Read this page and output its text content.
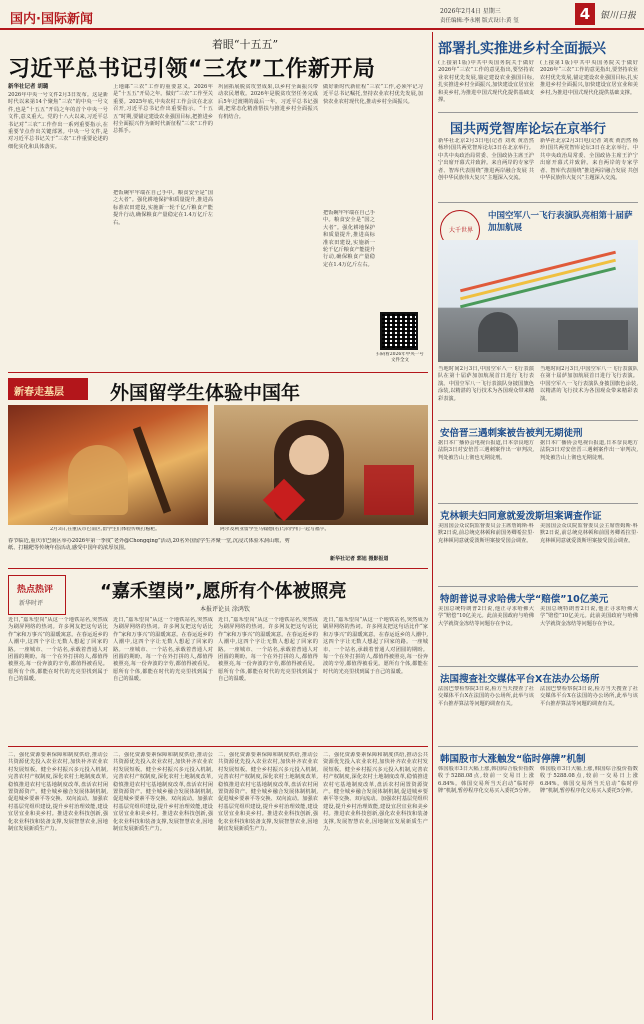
国内·国际新闻
2026年2月4日 星期三
责任编辑:李永刚 版式设计:黄 玺	4	银川日报
着眼“十五五”
习近平总书记引领“三农”工作新开局
新华社记者 胡璐
2026年中央一号文件2月3日发布。这是新时代以来第14个聚焦“三农”的中央一号文件,也是“十五五”开局之年的首个中央一号文件,意义重大。党的十八大以来,习近平总书记对“三农”工作作出一系列重要指示,在重要节点作出关键部署。中央一号文件,是对习近平总书记关于“三农”工作重要论述的细化实化和具体落实。
上地邮“三农”工作的重要意义。2026年是“十五五”开局之年。做好“三农”工作至关重要。2025年底,中央农村工作会议在北京召开,习近平总书记作出重要指示。“十五五”时期,要锚定建设农业强国目标,把推进乡村全面振兴作为新时代新征程“三农”工作的总抓手。
把饭碗牢牢端在自己手中。粮食安全是“国之大者”。强化耕地保护和质量提升,推进高标准农田建设,实施新一轮千亿斤粮食产能提升行动,确保粮食产量稳定在1.4万亿斤左右。
巩固拓展脱贫攻坚成果,以乡村全面振兴带动农民增收。2026年是脱贫攻坚任务完成后5年过渡期的最后一年。习近平总书记强调,把常态化精准帮扶与推进乡村全面振兴有机结合。
做好新时代新征程“三农”工作,必须牢记习近平总书记嘱托,坚持农业农村优先发展,加快农业农村现代化,推动乡村全面振兴。
把饭碗牢牢端在自己手中。粮食安全是“国之大者”。强化耕地保护和质量提升,推进高标准农田建设,实施新一轮千亿斤粮食产能提升行动,确保粮食产量稳定在1.4万亿斤左右。
扫码看2026年中央一号文件全文
新春走基层 外国留学生体验中国年
2月3日,在重庆市巴南区,留学生们体验传统打糍粑。	阿尔及利亚留学生马翰德(右)与同学们一起写福字。
春节临近,重庆市巴南区举办2026年第一季度“老外@Chongqing”活动,20名外国留学生齐聚一堂,沉浸式体验木洞山歌、剪纸、打糍粑等传统年俗活动,感受中国年的浓厚氛围。
新华社记者 郭旭 摄影报道
热点热评
新华时评
“嘉禾望岗”,愿所有个体被照亮
本报评论员 涂鸿钦
近日,“嘉禾望岗”从这一个地铁站名,突然成为刷屏网络的热词。许多网友把这句话比作“家和万事兴”的温暖寓意。在春运返乡的人潮中,这四个字让无数人想起了回家的路。一座城市、一个站名,承载着普通人对团圆的期盼。每一个在外打拼的人,都值得被照亮,每一份奔波的辛劳,都值得被看见。愿所有个体,都能在时代的光亮里找到属于自己的温暖。
近日,“嘉禾望岗”从这一个地铁站名,突然成为刷屏网络的热词。许多网友把这句话比作“家和万事兴”的温暖寓意。在春运返乡的人潮中,这四个字让无数人想起了回家的路。一座城市、一个站名,承载着普通人对团圆的期盼。每一个在外打拼的人,都值得被照亮,每一份奔波的辛劳,都值得被看见。愿所有个体,都能在时代的光亮里找到属于自己的温暖。
近日,“嘉禾望岗”从这一个地铁站名,突然成为刷屏网络的热词。许多网友把这句话比作“家和万事兴”的温暖寓意。在春运返乡的人潮中,这四个字让无数人想起了回家的路。一座城市、一个站名,承载着普通人对团圆的期盼。每一个在外打拼的人,都值得被照亮,每一份奔波的辛劳,都值得被看见。愿所有个体,都能在时代的光亮里找到属于自己的温暖。
近日,“嘉禾望岗”从这一个地铁站名,突然成为刷屏网络的热词。许多网友把这句话比作“家和万事兴”的温暖寓意。在春运返乡的人潮中,这四个字让无数人想起了回家的路。一座城市、一个站名,承载着普通人对团圆的期盼。每一个在外打拼的人,都值得被照亮,每一份奔波的辛劳,都值得被看见。愿所有个体,都能在时代的光亮里找到属于自己的温暖。
二、强化资源要素保障和制度供给,推动公共资源优先投入农业农村,加快补齐农业农村发展短板。健全乡村振兴多元投入机制,完善农村产权制度,深化农村土地制度改革,稳慎推进农村宅基地制度改革,盘活农村闲置资源资产。健全城乡融合发展体制机制,促进城乡要素平等交换、双向流动。加强农村基层党组织建设,提升乡村治理效能,建设宜居宜业和美乡村。推进农业科技创新,强化农业科技和装备支撑,发展智慧农业,因地制宜发展新质生产力。
二、强化资源要素保障和制度供给,推动公共资源优先投入农业农村,加快补齐农业农村发展短板。健全乡村振兴多元投入机制,完善农村产权制度,深化农村土地制度改革,稳慎推进农村宅基地制度改革,盘活农村闲置资源资产。健全城乡融合发展体制机制,促进城乡要素平等交换、双向流动。加强农村基层党组织建设,提升乡村治理效能,建设宜居宜业和美乡村。推进农业科技创新,强化农业科技和装备支撑,发展智慧农业,因地制宜发展新质生产力。
二、强化资源要素保障和制度供给,推动公共资源优先投入农业农村,加快补齐农业农村发展短板。健全乡村振兴多元投入机制,完善农村产权制度,深化农村土地制度改革,稳慎推进农村宅基地制度改革,盘活农村闲置资源资产。健全城乡融合发展体制机制,促进城乡要素平等交换、双向流动。加强农村基层党组织建设,提升乡村治理效能,建设宜居宜业和美乡村。推进农业科技创新,强化农业科技和装备支撑,发展智慧农业,因地制宜发展新质生产力。
二、强化资源要素保障和制度供给,推动公共资源优先投入农业农村,加快补齐农业农村发展短板。健全乡村振兴多元投入机制,完善农村产权制度,深化农村土地制度改革,稳慎推进农村宅基地制度改革,盘活农村闲置资源资产。健全城乡融合发展体制机制,促进城乡要素平等交换、双向流动。加强农村基层党组织建设,提升乡村治理效能,建设宜居宜业和美乡村。推进农业科技创新,强化农业科技和装备支撑,发展智慧农业,因地制宜发展新质生产力。
部署扎实推进乡村全面振兴
(上接第1版)中共中央国务院关于做好2026年“三农”工作的意见指出,要坚持农业农村优先发展,锚定建设农业强国目标,扎实推进乡村全面振兴,加快建设宜居宜业和美乡村,为推进中国式现代化提供基础支撑。
(上接第1版)中共中央国务院关于做好2026年“三农”工作的意见指出,要坚持农业农村优先发展,锚定建设农业强国目标,扎实推进乡村全面振兴,加快建设宜居宜业和美乡村,为推进中国式现代化提供基础支撑。
国共两党智库论坛在京举行
新华社北京2月3日电(记者 刘欢 黄浩然 杨珍)国共两党智库论坛3日在北京举行。中共中央政治局常委、全国政协主席王沪宁出席开幕式并致辞。来自两岸的专家学者、智库代表围绕“推进两岸融合发展 共创中华民族伟大复兴”主题深入交流。
新华社北京2月3日电(记者 刘欢 黄浩然 杨珍)国共两党智库论坛3日在北京举行。中共中央政治局常委、全国政协主席王沪宁出席开幕式并致辞。来自两岸的专家学者、智库代表围绕“推进两岸融合发展 共创中华民族伟大复兴”主题深入交流。
大千世界
中国空军八一飞行表演队亮相第十届萨加加航展
当地时间2月3日,中国空军八一飞行表演队在第十届萨加加航展首日进行飞行表演。中国空军八一飞行表演队身披国旗色涂装,以精湛的飞行技术为各国观众带来精彩表演。
当地时间2月3日,中国空军八一飞行表演队在第十届萨加加航展首日进行飞行表演。中国空军八一飞行表演队身披国旗色涂装,以精湛的飞行技术为各国观众带来精彩表演。
安倍晋三遇刺案被告被判无期徒刑
据日本广播协会电视台报道,日本奈良地方法院3日对安倍晋三遇刺案作出一审判决,判处被告山上彻也无期徒刑。
据日本广播协会电视台报道,日本奈良地方法院3日对安倍晋三遇刺案作出一审判决,判处被告山上彻也无期徒刑。
克林顿夫妇同意就爱泼斯坦案调查作证
美国国会众议院监督委员会主席詹姆斯·科默2日说,前总统克林顿和前国务卿希拉里·克林顿同意就爱泼斯坦案接受国会调查。
美国国会众议院监督委员会主席詹姆斯·科默2日说,前总统克林顿和前国务卿希拉里·克林顿同意就爱泼斯坦案接受国会调查。
特朗普说寻求哈佛大学“赔偿”10亿美元
美国总统特朗普2日说,他正寻求哈佛大学“赔偿”10亿美元。此前美国政府与哈佛大学就资金冻结等问题存在争议。
美国总统特朗普2日说,他正寻求哈佛大学“赔偿”10亿美元。此前美国政府与哈佛大学就资金冻结等问题存在争议。
法国搜查社交媒体平台X在法办公场所
法国巴黎检察院3日说,检方当天搜查了社交媒体平台X在法国的办公场所,此举与该平台推荐算法等问题的调查有关。
法国巴黎检察院3日说,检方当天搜查了社交媒体平台X在法国的办公场所,此举与该平台推荐算法等问题的调查有关。
韩国股市大涨触发“临时停牌”机制
韩国股市3日大幅上涨,韩国综合股价指数收于5288.08点,较前一交易日上涨6.84%。韩国交易所当天启动“临时停牌”机制,暂停程序化交易买入委托5分钟。
韩国股市3日大幅上涨,韩国综合股价指数收于5288.08点,较前一交易日上涨6.84%。韩国交易所当天启动“临时停牌”机制,暂停程序化交易买入委托5分钟。
